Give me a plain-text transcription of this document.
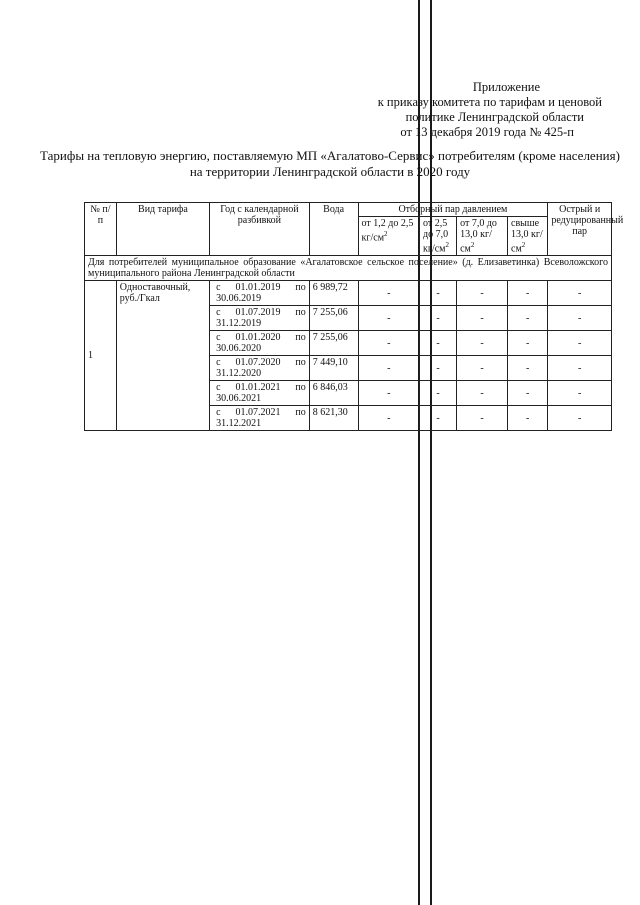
Приложение
к приказу комитета по тарифам и ценовой
политике Ленинградской области
от 13 декабря 2019 года № 425-п
Тарифы на тепловую энергию, поставляемую МП «Агалатово-Сервис» потребителям (кроме населения)
на территории Ленинградской области в 2020 году
№ п/п	Вид тарифа	Год с календарной разбивкой	Вода	Отборный пар давлением				Острый и редуцированный пар
				от 1,2 до 2,5 $кг/см^2$	от 2,5 до 7,0 $кг/см^2$	от 7,0 до 13,0 $кг/см^2$	свыше 13,0 $кг/см^2$
Для потребителей муниципальное образование «Агалатовское сельское поселение» (д. Елизаветинка) Всеволожского муниципального района Ленинградской области								
1	Одноставочный, руб./Гкал	с 01.01.2019 по 30.06.2019	6 989,72	-	-	-	-	-
		с 01.07.2019 по 31.12.2019	7 255,06	-	-	-	-	-
		с 01.01.2020 по 30.06.2020	7 255,06	-	-	-	-	-
		с 01.07.2020 по 31.12.2020	7 449,10	-	-	-	-	-
		с 01.01.2021 по 30.06.2021	6 846,03	-	-	-	-	-
		с 01.07.2021 по 31.12.2021	8 621,30	-	-	-	-	-
